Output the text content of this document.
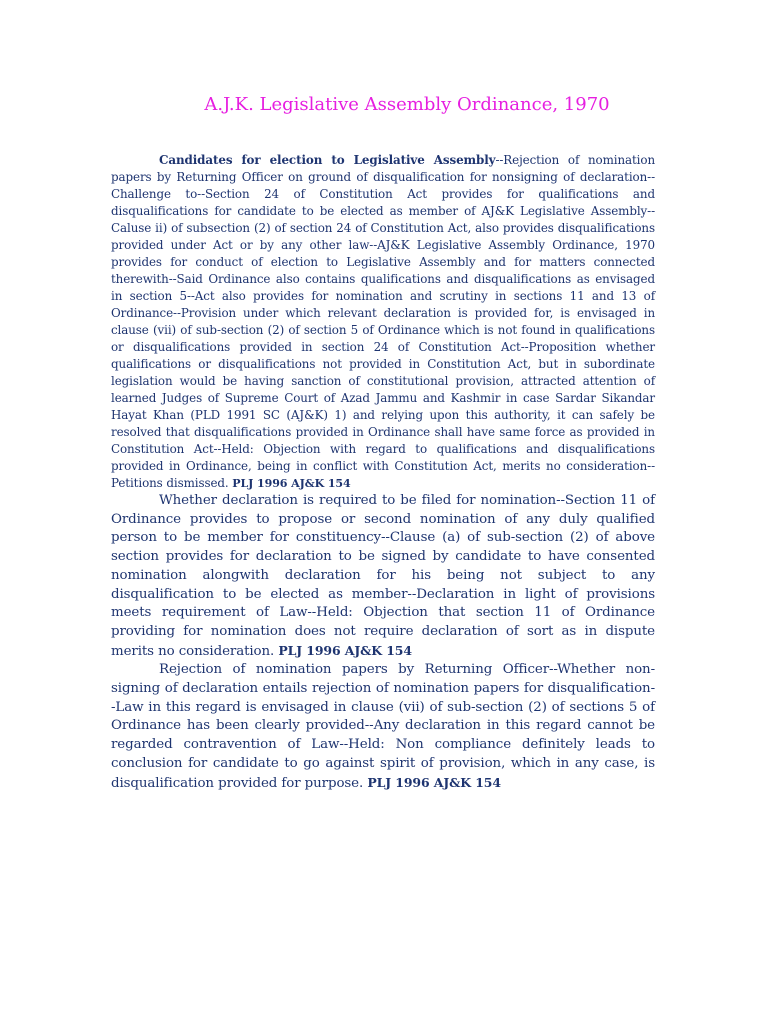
A.J.K. Legislative Assembly Ordinance, 1970

Candidates for election to Legislative Assembly--Rejection of nomination papers by Returning Officer on ground of disqualification for nonsigning of declaration--Challenge to--Section 24 of Constitution Act provides for qualifications and disqualifications for candidate to be elected as member of AJ&K Legislative Assembly--Caluse ii) of subsection (2) of section 24 of Constitution Act, also provides disqualifications provided under Act or by any other law--AJ&K Legislative Assembly Ordinance, 1970 provides for conduct of election to Legislative Assembly and for matters connected therewith--Said Ordinance also contains qualifications and disqualifications as envisaged in section 5--Act also provides for nomination and scrutiny in sections 11 and 13 of Ordinance--Provision under which relevant declaration is provided for, is envisaged in clause (vii) of sub-section (2) of section 5 of Ordinance which is not found in qualifications or disqualifications provided in section 24 of Constitution Act--Proposition whether qualifications or disqualifications not provided in Constitution Act, but in subordinate legislation would be having sanction of constitutional provision, attracted attention of learned Judges of Supreme Court of Azad Jammu and Kashmir in case Sardar Sikandar Hayat Khan (PLD 1991 SC (AJ&K) 1) and relying upon this authority, it can safely be resolved that disqualifications provided in Ordinance shall have same force as provided in Constitution Act--Held: Objection with regard to qualifications and disqualifications provided in Ordinance, being in conflict with Constitution Act, merits no consideration--Petitions dismissed. PLJ 1996 AJ&K 154

Whether declaration is required to be filed for nomination--Section 11 of Ordinance provides to propose or second nomination of any duly qualified person to be member for constituency--Clause (a) of sub-section (2) of above section provides for declaration to be signed by candidate to have consented nomination alongwith declaration for his being not subject to any disqualification to be elected as member--Declaration in light of provisions meets requirement of Law--Held: Objection that section 11 of Ordinance providing for nomination does not require declaration of sort as in dispute merits no consideration. PLJ 1996 AJ&K 154

Rejection of nomination papers by Returning Officer--Whether non-signing of declaration entails rejection of nomination papers for disqualification--Law in this regard is envisaged in clause (vii) of sub-section (2) of sections 5 of Ordinance has been clearly provided--Any declaration in this regard cannot be regarded contravention of Law--Held: Non compliance definitely leads to conclusion for candidate to go against spirit of provision, which in any case, is disqualification provided for purpose. PLJ 1996 AJ&K 154
